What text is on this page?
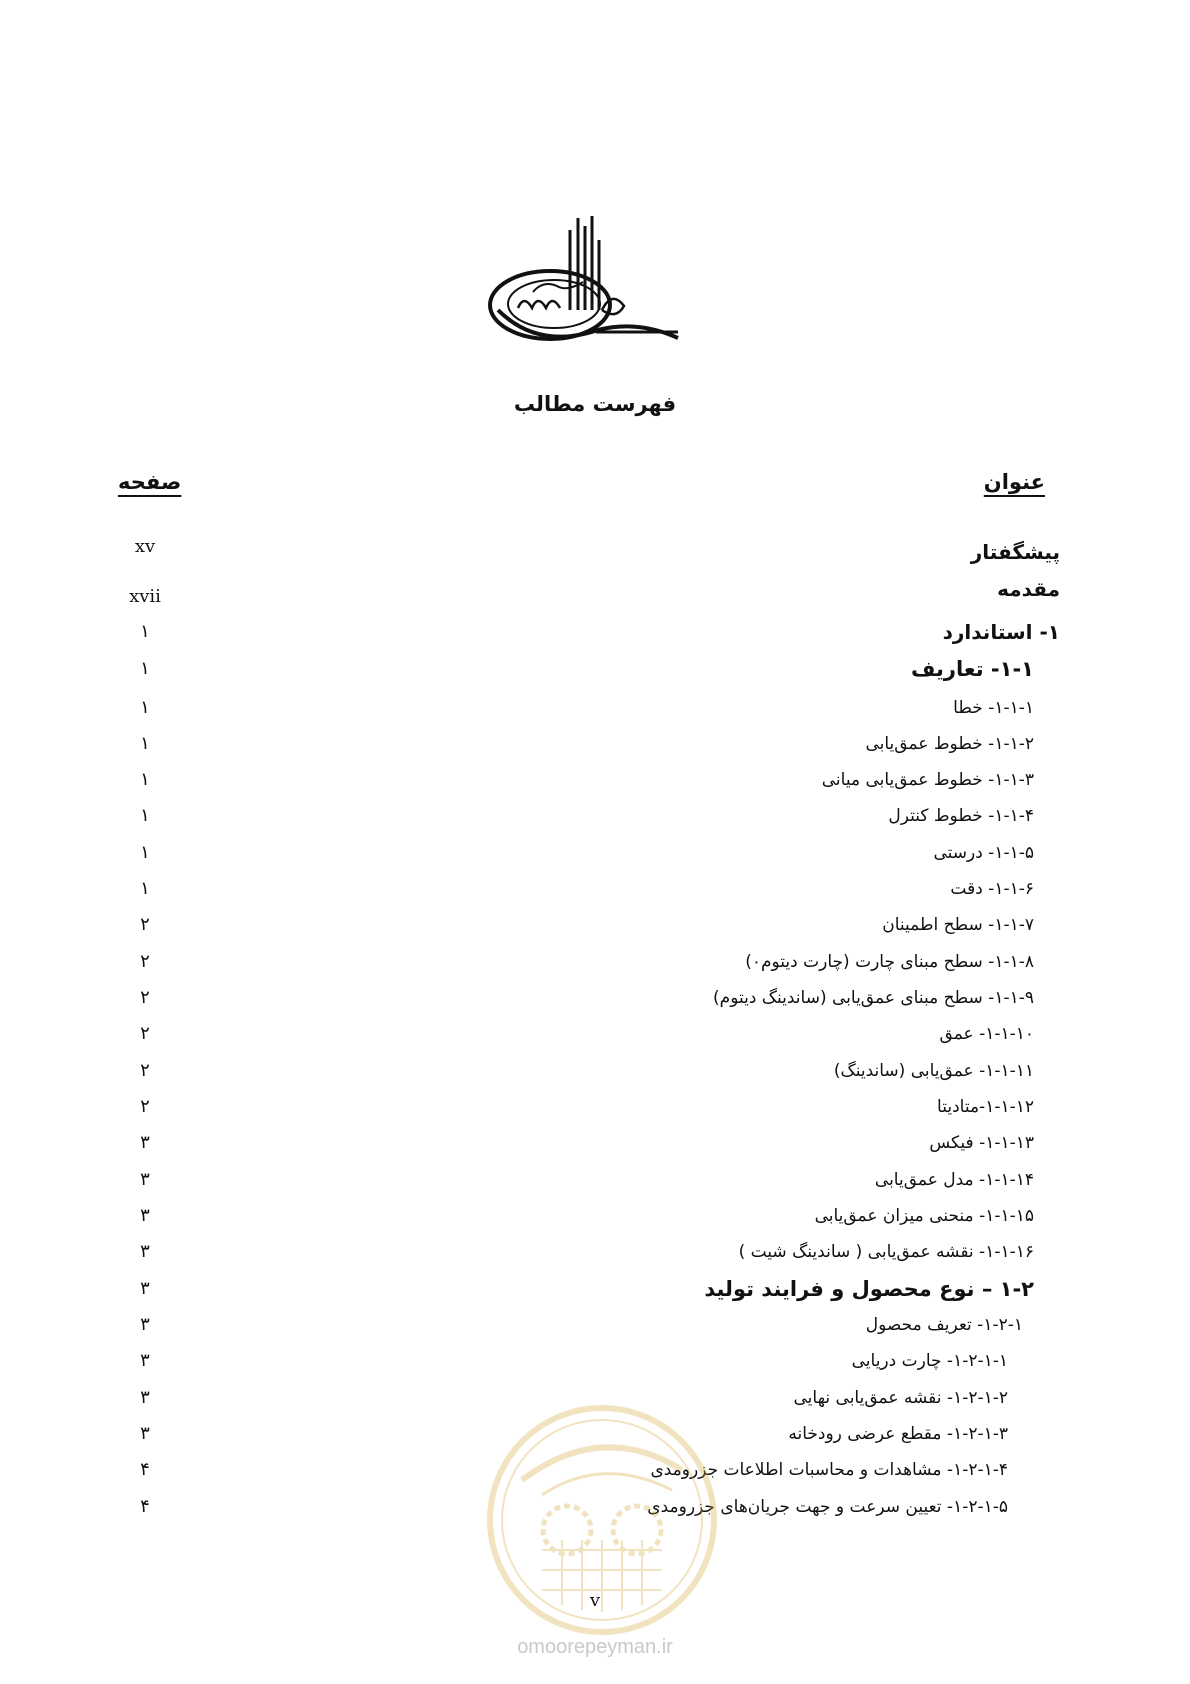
فهرست مطالب
عنوان
صفحه
پیشگفتار
xv
مقدمه
xvii
۱- استاندارد
۱
۱-۱- تعاریف
۱
۱-۱-۱- خطا
۱
۱-۱-۲- خطوط عمق‌یابی
۱
۱-۱-۳- خطوط عمق‌یابی میانی
۱
۱-۱-۴- خطوط کنترل
۱
۱-۱-۵- درستی
۱
۱-۱-۶- دقت
۱
۱-۱-۷- سطح اطمینان
۲
۱-۱-۸- سطح مبنای چارت (چارت دیتوم۰)
۲
۱-۱-۹- سطح مبنای عمق‌یابی (ساندینگ دیتوم)
۲
۱-۱-۱۰- عمق
۲
۱-۱-۱۱- عمق‌یابی (ساندینگ)
۲
۱-۱-۱۲-متادیتا
۲
۱-۱-۱۳- فیکس
۳
۱-۱-۱۴- مدل عمق‌یابی
۳
۱-۱-۱۵- منحنی میزان عمق‌یابی
۳
۱-۱-۱۶- نقشه عمق‌یابی ( ساندینگ شیت )
۳
۱-۲ – نوع محصول و فرایند تولید
۳
۱-۲-۱- تعریف محصول
۳
۱-۲-۱-۱- چارت دریایی
۳
۱-۲-۱-۲- نقشه عمق‌یابی نهایی
۳
۱-۲-۱-۳- مقطع عرضی رودخانه
۳
۱-۲-۱-۴- مشاهدات و محاسبات اطلاعات جزرومدی
۴
۱-۲-۱-۵- تعیین سرعت و جهت جریان‌های جزرومدی
۴
v
omoorepeyman.ir
